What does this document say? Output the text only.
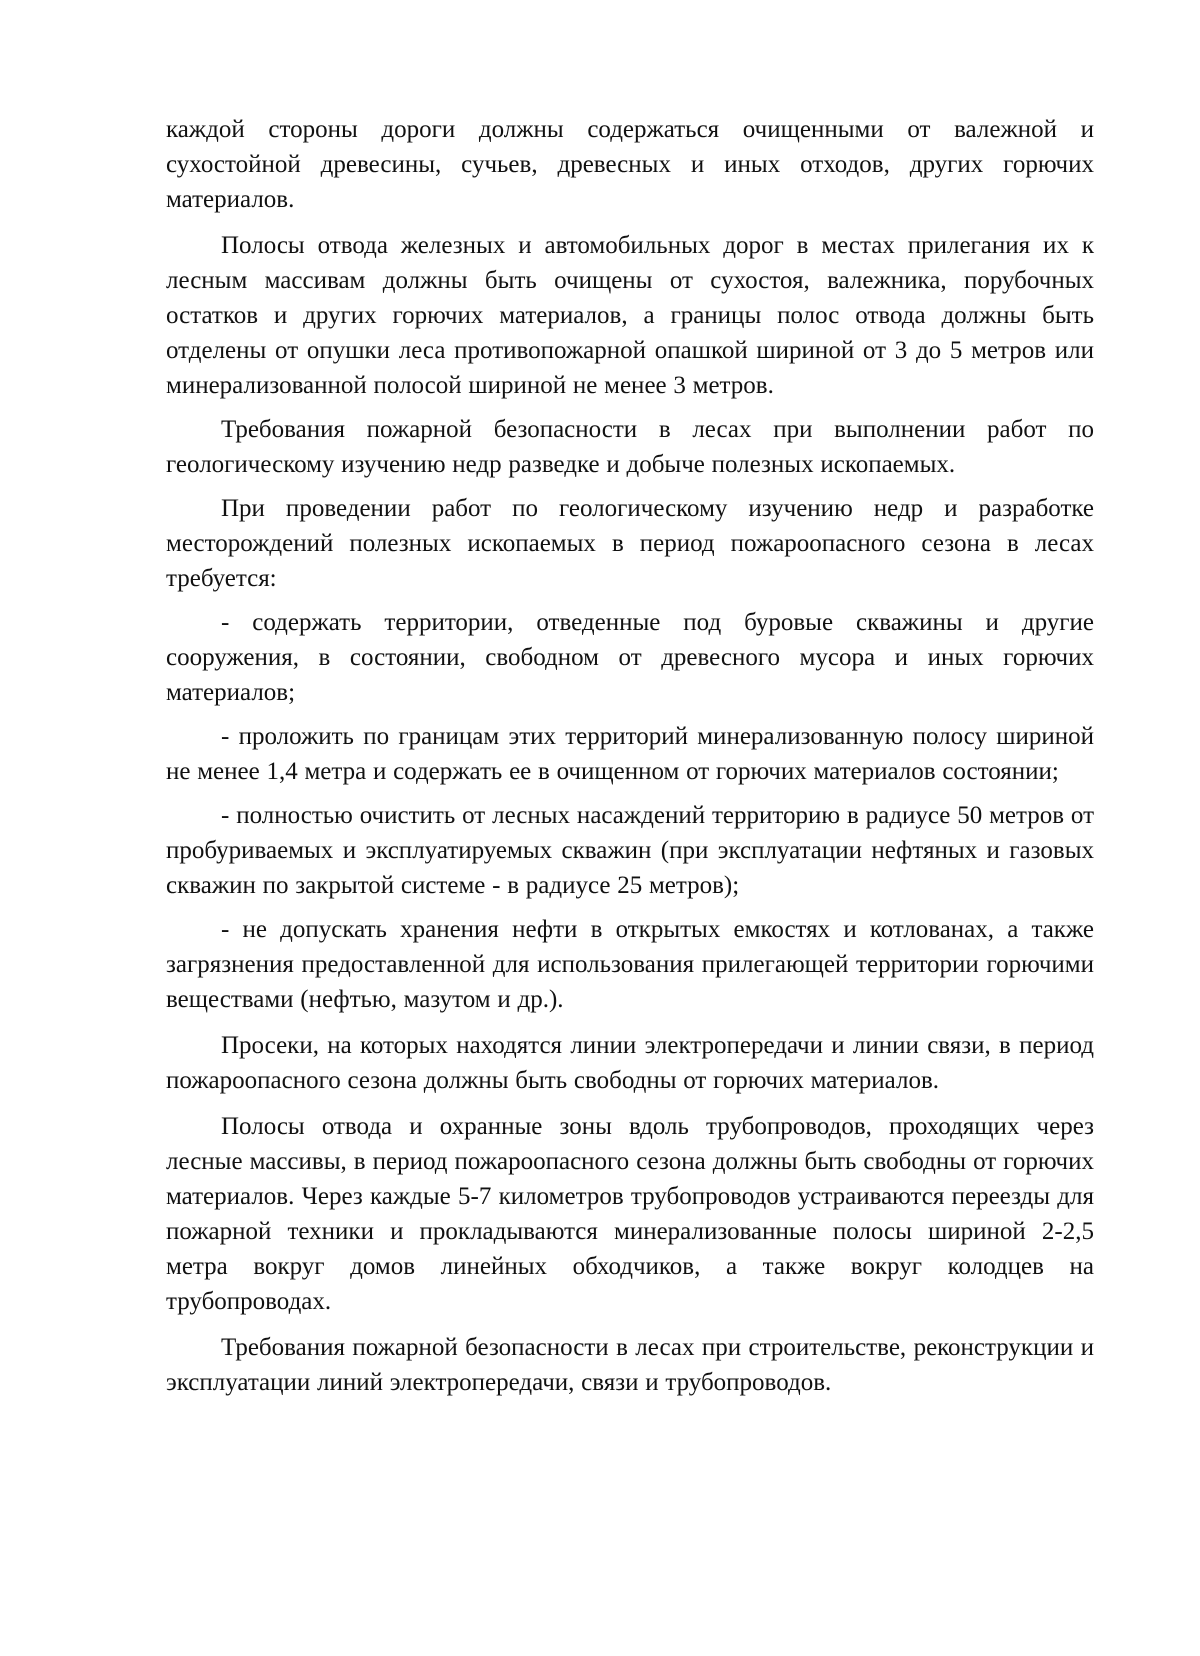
каждой стороны дороги должны содержаться очищенными от валежной и сухостойной древесины, сучьев, древесных и иных отходов, других горючих материалов.

Полосы отвода железных и автомобильных дорог в местах прилегания их к лесным массивам должны быть очищены от сухостоя, валежника, порубочных остатков и других горючих материалов, а границы полос отвода должны быть отделены от опушки леса противопожарной опашкой шириной от 3 до 5 метров или минерализованной полосой шириной не менее 3 метров.

Требования пожарной безопасности в лесах при выполнении работ по геологическому изучению недр разведке и добыче полезных ископаемых.

При проведении работ по геологическому изучению недр и разработке месторождений полезных ископаемых в период пожароопасного сезона в лесах требуется:

- содержать территории, отведенные под буровые скважины и другие сооружения, в состоянии, свободном от древесного мусора и иных горючих материалов;

- проложить по границам этих территорий минерализованную полосу шириной не менее 1,4 метра и содержать ее в очищенном от горючих материалов состоянии;

- полностью очистить от лесных насаждений территорию в радиусе 50 метров от пробуриваемых и эксплуатируемых скважин (при эксплуатации нефтяных и газовых скважин по закрытой системе - в радиусе 25 метров);

- не допускать хранения нефти в открытых емкостях и котлованах, а также загрязнения предоставленной для использования прилегающей территории горючими веществами (нефтью, мазутом и др.).

Просеки, на которых находятся линии электропередачи и линии связи, в период пожароопасного сезона должны быть свободны от горючих материалов.

Полосы отвода и охранные зоны вдоль трубопроводов, проходящих через лесные массивы, в период пожароопасного сезона должны быть свободны от горючих материалов. Через каждые 5-7 километров трубопроводов устраиваются переезды для пожарной техники и прокладываются минерализованные полосы шириной 2-2,5 метра вокруг домов линейных обходчиков, а также вокруг колодцев на трубопроводах.

Требования пожарной безопасности в лесах при строительстве, реконструкции и эксплуатации линий электропередачи, связи и трубопроводов.
